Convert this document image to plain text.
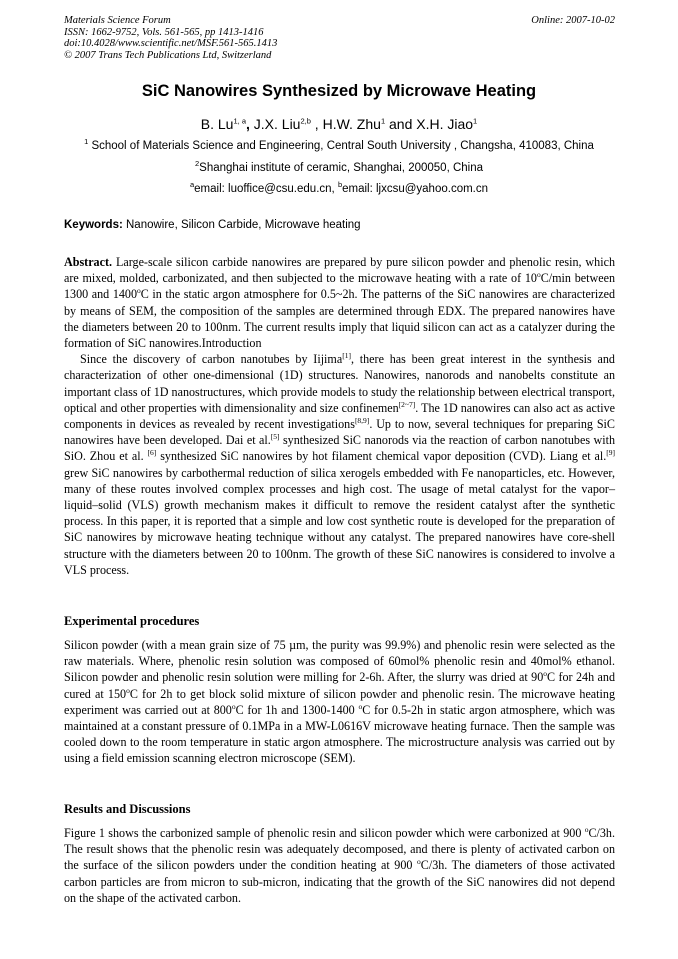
Materials Science Forum
ISSN: 1662-9752, Vols. 561-565, pp 1413-1416
doi:10.4028/www.scientific.net/MSF.561-565.1413
© 2007 Trans Tech Publications Ltd, Switzerland
Online: 2007-10-02
SiC Nanowires Synthesized by Microwave Heating
B. Lu$^{1, a}$, J.X. Liu$^{2,b}$ , H.W. Zhu$^1$ and X.H. Jiao$^1$
$^1$ School of Materials Science and Engineering, Central South University , Changsha, 410083, China
$^2$Shanghai institute of ceramic, Shanghai, 200050, China
$^a$email: luoffice@csu.edu.cn, $^b$email: ljxcsu@yahoo.com.cn
Keywords: Nanowire, Silicon Carbide, Microwave heating

Abstract. Large-scale silicon carbide nanowires are prepared by pure silicon powder and phenolic resin, which are mixed, molded, carbonizated, and then subjected to the microwave heating with a rate of 10$^o$C/min between 1300 and 1400$^o$C in the static argon atmosphere for 0.5~2h. The patterns of the SiC nanowires are characterized by means of SEM, the composition of the samples are determined through EDX. The prepared nanowires have the diameters between 20 to 100nm. The current results imply that liquid silicon can act as a catalyzer during the formation of SiC nanowires.Introduction

Since the discovery of carbon nanotubes by Iijima[1], there has been great interest in the synthesis and characterization of other one-dimensional (1D) structures. Nanowires, nanorods and nanobelts constitute an important class of 1D nanostructures, which provide models to study the relationship between electrical transport, optical and other properties with dimensionality and size confinemen[2~7]. The 1D nanowires can also act as active components in devices as revealed by recent investigations[8,9]. Up to now, several techniques for preparing SiC nanowires have been developed. Dai et al.[5] synthesized SiC nanorods via the reaction of carbon nanotubes with SiO. Zhou et al. [6] synthesized SiC nanowires by hot filament chemical vapor deposition (CVD). Liang et al.[9] grew SiC nanowires by carbothermal reduction of silica xerogels embedded with Fe nanoparticles, etc. However, many of these routes involved complex processes and high cost. The usage of metal catalyst for the vapor–liquid–solid (VLS) growth mechanism makes it difficult to remove the resident catalyst after the synthetic process. In this paper, it is reported that a simple and low cost synthetic route is developed for the preparation of SiC nanowires by microwave heating technique without any catalyst. The prepared nanowires have core-shell structure with the diameters between 20 to 100nm. The growth of these SiC nanowires is considered to involve a VLS process.

Experimental procedures

Silicon powder (with a mean grain size of 75 µm, the purity was 99.9%) and phenolic resin were selected as the raw materials. Where, phenolic resin solution was composed of 60mol% phenolic resin and 40mol% ethanol. Silicon powder and phenolic resin solution were milling for 2-6h. After, the slurry was dried at 90$^o$C for 24h and cured at 150$^o$C for 2h to get block solid mixture of silicon powder and phenolic resin. The microwave heating experiment was carried out at 800$^o$C for 1h and 1300-1400 $^o$C for 0.5-2h in static argon atmosphere, which was maintained at a constant pressure of 0.1MPa in a MW-L0616V microwave heating furnace. Then the sample was cooled down to the room temperature in static argon atmosphere. The microstructure analysis was carried out by using a field emission scanning electron microscope (SEM).

Results and Discussions

Figure 1 shows the carbonized sample of phenolic resin and silicon powder which were carbonized at 900 $^o$C/3h. The result shows that the phenolic resin was adequately decomposed, and there is plenty of activated carbon on the surface of the silicon powders under the condition heating at 900 $^o$C/3h. The diameters of those activated carbon particles are from micron to sub-micron, indicating that the growth of the SiC nanowires did not depend on the shape of the activated carbon.
